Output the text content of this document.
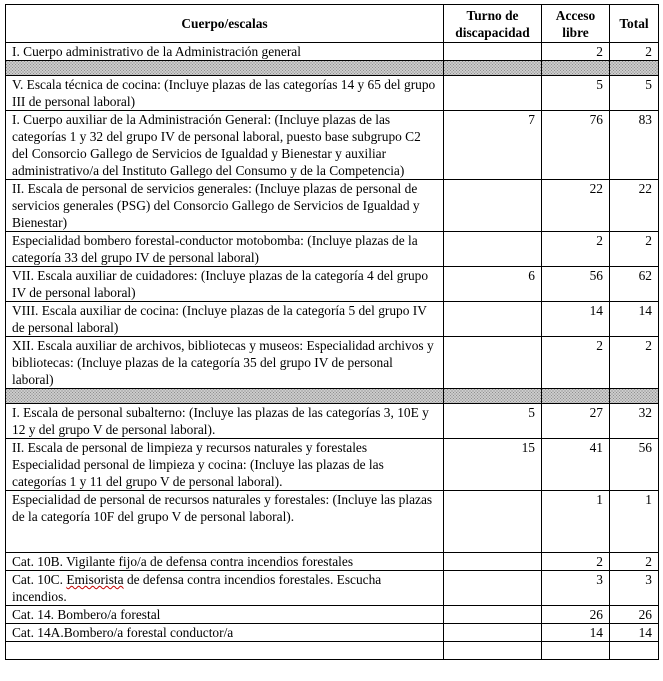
Cuerpo/escalas	Turno de discapacidad	Acceso libre	Total
I. Cuerpo administrativo de la Administración general		2	2

V. Escala técnica de cocina: (Incluye plazas de las categorías 14 y 65 del grupo III de personal laboral)		5	5
I. Cuerpo auxiliar de la Administración General: (Incluye plazas de las categorías 1 y 32 del grupo IV de personal laboral, puesto base subgrupo C2 del Consorcio Gallego de Servicios de Igualdad y Bienestar y auxiliar administrativo/a del Instituto Gallego del Consumo y de la Competencia)	7	76	83
II. Escala de personal de servicios generales: (Incluye plazas de personal de servicios generales (PSG) del Consorcio Gallego de Servicios de Igualdad y Bienestar)		22	22
Especialidad bombero forestal-conductor motobomba: (Incluye plazas de la categoría 33 del grupo IV de personal laboral)		2	2
VII. Escala auxiliar de cuidadores: (Incluye plazas de la categoría 4 del grupo IV de personal laboral)	6	56	62
VIII. Escala auxiliar de cocina: (Incluye plazas de la categoría 5 del grupo IV de personal laboral)		14	14
XII. Escala auxiliar de archivos, bibliotecas y museos: Especialidad archivos y bibliotecas: (Incluye plazas de la categoría 35 del grupo IV de personal laboral)		2	2

I. Escala de personal subalterno: (Incluye las plazas de las categorías 3, 10E y 12 y del grupo V de personal laboral).	5	27	32
II. Escala de personal de limpieza y recursos naturales y forestales Especialidad personal de limpieza y cocina: (Incluye las plazas de las categorías 1 y 11 del grupo V de personal laboral).	15	41	56
Especialidad de personal de recursos naturales y forestales: (Incluye las plazas de la categoría 10F del grupo V de personal laboral).		1	1
Cat. 10B. Vigilante fijo/a de defensa contra incendios forestales		2	2
Cat. 10C. Emisorista de defensa contra incendios forestales. Escucha incendios.		3	3
Cat. 14. Bombero/a forestal		26	26
Cat. 14A.Bombero/a forestal conductor/a		14	14
